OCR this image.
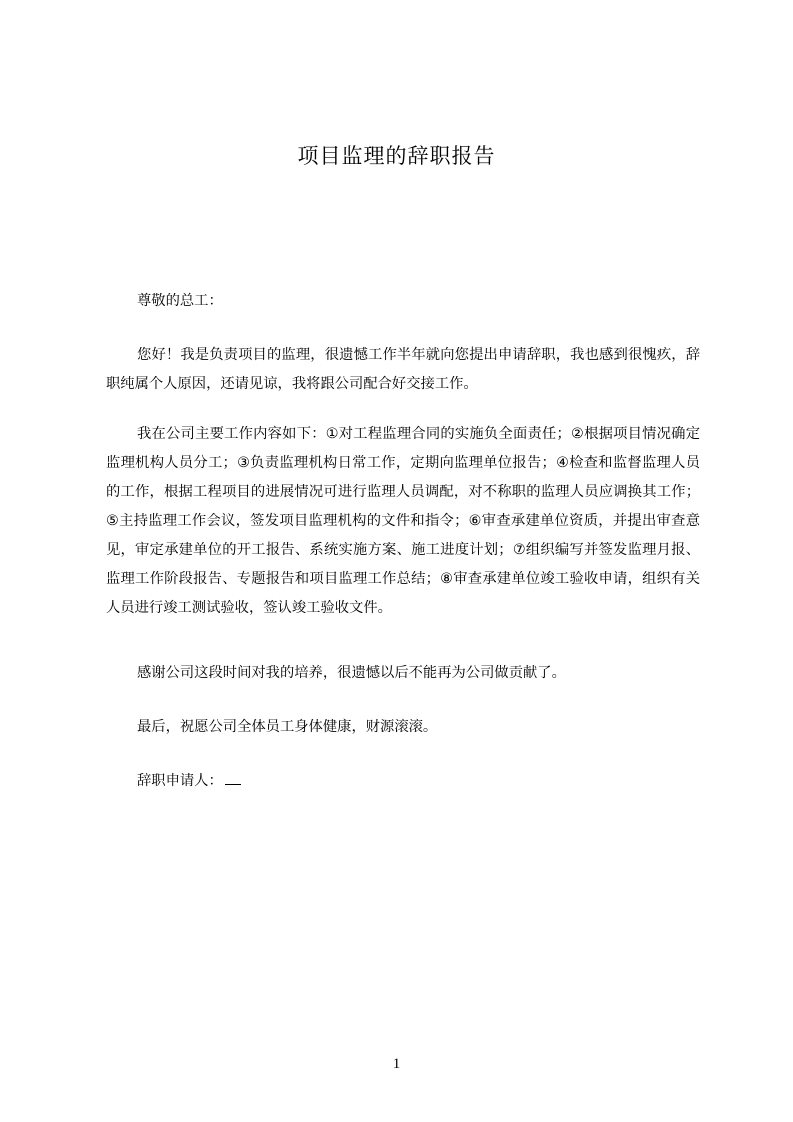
项目监理的辞职报告
尊敬的总工：
您好！我是负责项目的监理，很遗憾工作半年就向您提出申请辞职，我也感到很愧疚，辞职纯属个人原因，还请见谅，我将跟公司配合好交接工作。
我在公司主要工作内容如下：①对工程监理合同的实施负全面责任；②根据项目情况确定监理机构人员分工；③负责监理机构日常工作，定期向监理单位报告；④检查和监督监理人员的工作，根据工程项目的进展情况可进行监理人员调配，对不称职的监理人员应调换其工作；⑤主持监理工作会议，签发项目监理机构的文件和指令；⑥审查承建单位资质，并提出审查意见，审定承建单位的开工报告、系统实施方案、施工进度计划；⑦组织编写并签发监理月报、监理工作阶段报告、专题报告和项目监理工作总结；⑧审查承建单位竣工验收申请，组织有关人员进行竣工测试验收，签认竣工验收文件。
感谢公司这段时间对我的培养，很遗憾以后不能再为公司做贡献了。
最后，祝愿公司全体员工身体健康，财源滚滚。
辞职申请人：
1
